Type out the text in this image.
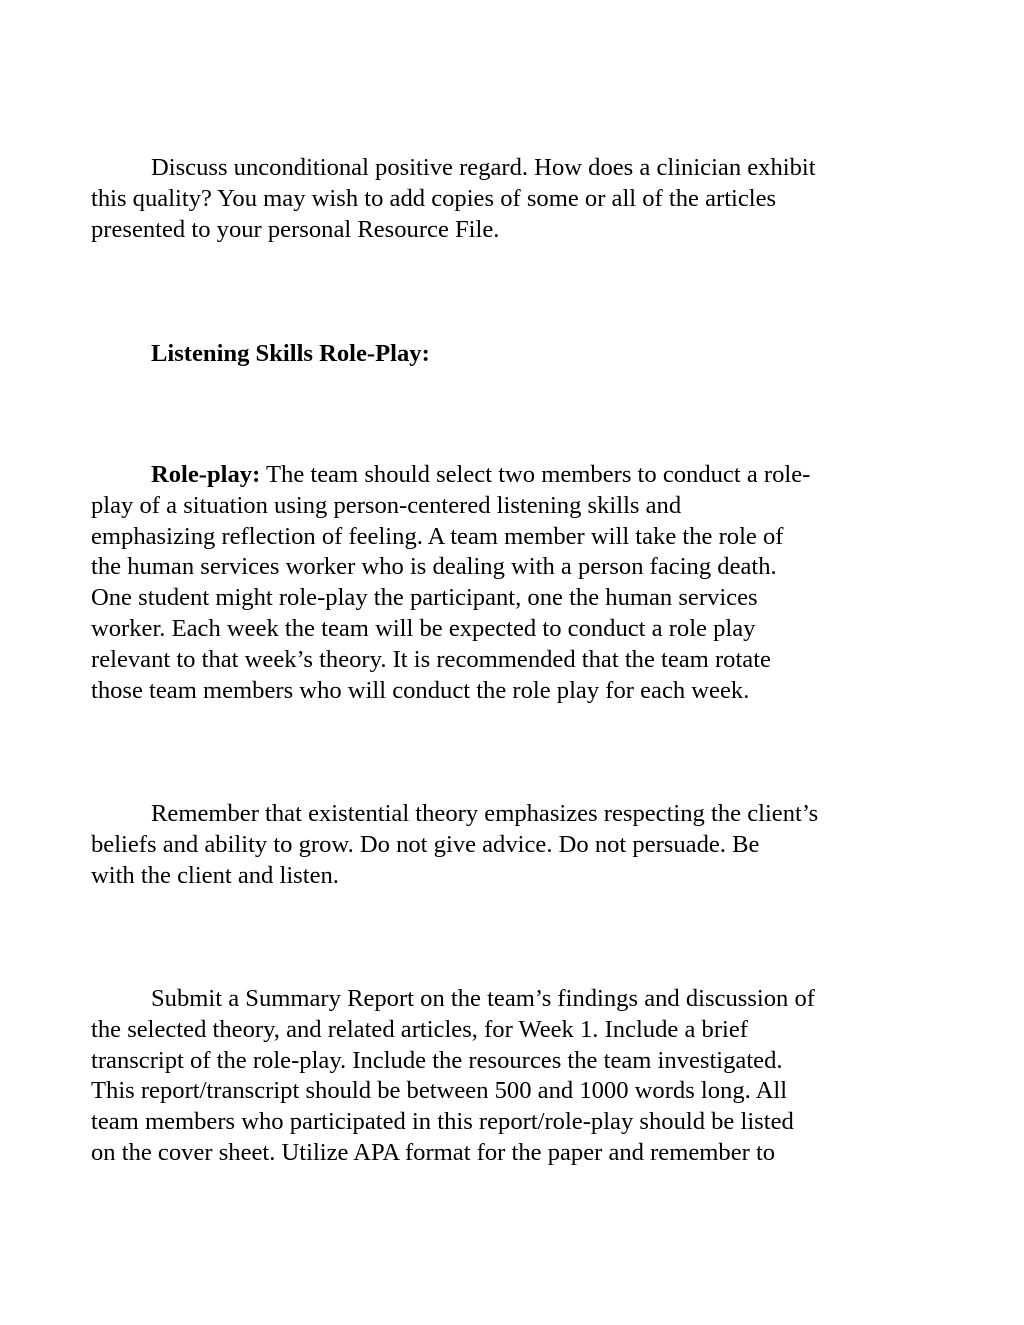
Discuss unconditional positive regard. How does a clinician exhibit
this quality? You may wish to add copies of some or all of the articles
presented to your personal Resource File.

Listening Skills Role-Play:

Role-play: The team should select two members to conduct a role-
play of a situation using person-centered listening skills and
emphasizing reflection of feeling. A team member will take the role of
the human services worker who is dealing with a person facing death.
One student might role-play the participant, one the human services
worker. Each week the team will be expected to conduct a role play
relevant to that week’s theory. It is recommended that the team rotate
those team members who will conduct the role play for each week.

Remember that existential theory emphasizes respecting the client’s
beliefs and ability to grow. Do not give advice. Do not persuade. Be
with the client and listen.

Submit a Summary Report on the team’s findings and discussion of
the selected theory, and related articles, for Week 1. Include a brief
transcript of the role-play. Include the resources the team investigated.
This report/transcript should be between 500 and 1000 words long. All
team members who participated in this report/role-play should be listed
on the cover sheet. Utilize APA format for the paper and remember to
